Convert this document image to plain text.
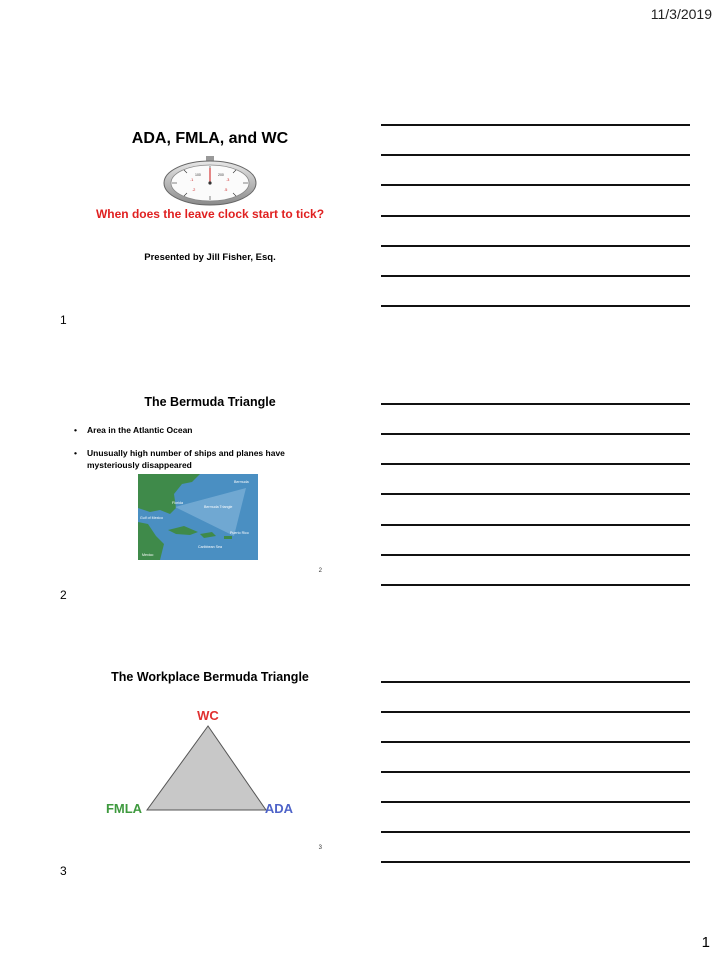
11/3/2019
ADA, FMLA, and WC
.1	.3
.2	.5
100	200
When does the leave clock start to tick?
Presented by Jill Fisher, Esq.
1
The Bermuda Triangle
• Area in the Atlantic Ocean
• Unusually high number of ships and planes have mysteriously disappeared
Bermuda
Florida
Bermuda Triangle
Gulf of Mexico
Puerto Rico
Caribbean Sea
Mexico
2
2
The Workplace Bermuda Triangle
WC
FMLA	ADA
3
3
1
